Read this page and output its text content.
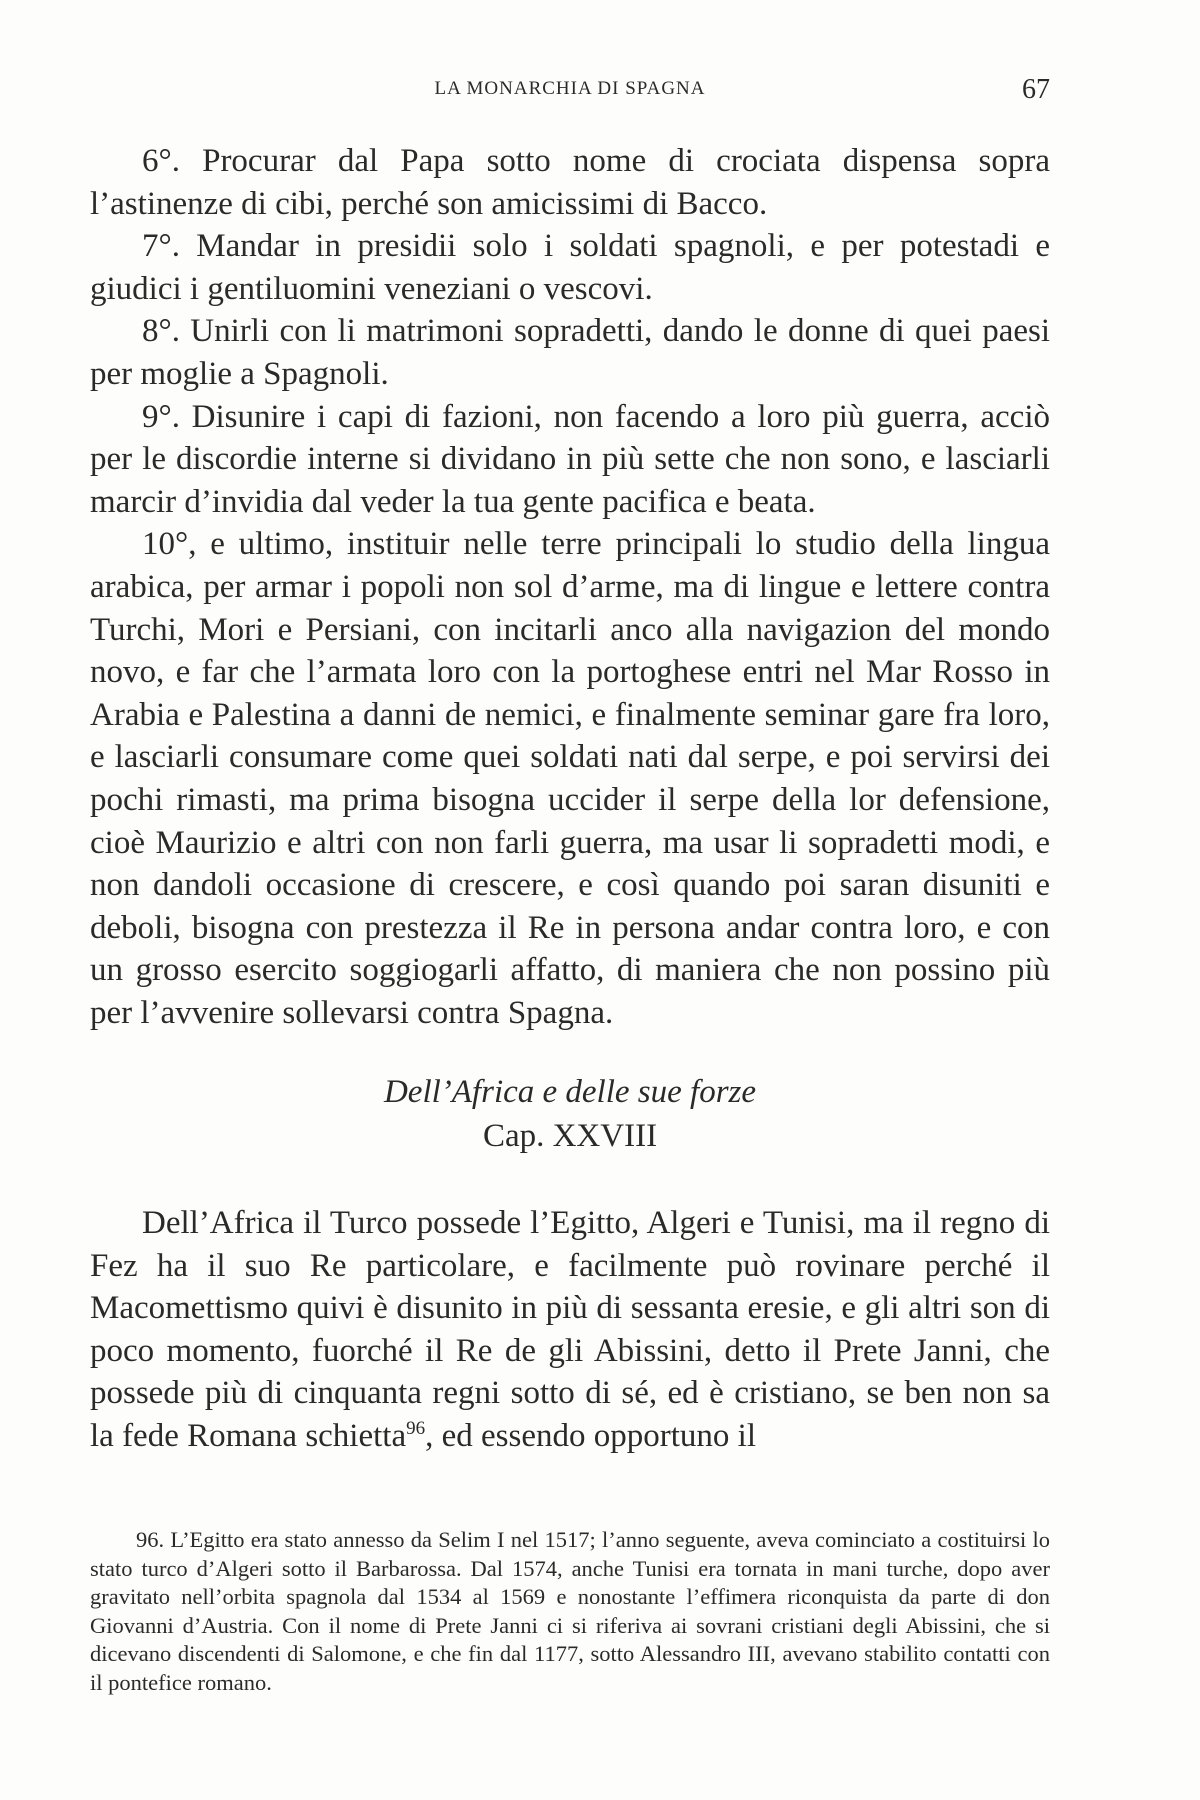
LA MONARCHIA DI SPAGNA	67

6°. Procurar dal Papa sotto nome di crociata dispensa sopra l’astinenze di cibi, perché son amicissimi di Bacco.

7°. Mandar in presidii solo i soldati spagnoli, e per potestadi e giudici i gentiluomini veneziani o vescovi.

8°. Unirli con li matrimoni sopradetti, dando le donne di quei paesi per moglie a Spagnoli.

9°. Disunire i capi di fazioni, non facendo a loro più guerra, acciò per le discordie interne si dividano in più sette che non sono, e lasciarli marcir d’invidia dal veder la tua gente pacifica e beata.

10°, e ultimo, instituir nelle terre principali lo studio della lingua arabica, per armar i popoli non sol d’arme, ma di lingue e lettere contra Turchi, Mori e Persiani, con incitarli anco alla navigazion del mondo novo, e far che l’armata loro con la portoghese entri nel Mar Rosso in Arabia e Palestina a danni de nemici, e finalmente seminar gare fra loro, e lasciarli consumare come quei soldati nati dal serpe, e poi servirsi dei pochi rimasti, ma prima bisogna uccider il serpe della lor defensione, cioè Maurizio e altri con non farli guerra, ma usar li sopradetti modi, e non dandoli occasione di crescere, e così quando poi saran disuniti e deboli, bisogna con prestezza il Re in persona andar contra loro, e con un grosso esercito soggiogarli affatto, di maniera che non possino più per l’avvenire sollevarsi contra Spagna.

Dell’Africa e delle sue forze
Cap. XXVIII

Dell’Africa il Turco possede l’Egitto, Algeri e Tunisi, ma il regno di Fez ha il suo Re particolare, e facilmente può rovinare perché il Macomettismo quivi è disunito in più di sessanta eresie, e gli altri son di poco momento, fuorché il Re de gli Abissini, detto il Prete Janni, che possede più di cinquanta regni sotto di sé, ed è cristiano, se ben non sa la fede Romana schietta$^{96}$, ed essendo opportuno il

96. L’Egitto era stato annesso da Selim I nel 1517; l’anno seguente, aveva cominciato a costituirsi lo stato turco d’Algeri sotto il Barbarossa. Dal 1574, anche Tunisi era tornata in mani turche, dopo aver gravitato nell’orbita spagnola dal 1534 al 1569 e nonostante l’effimera riconquista da parte di don Giovanni d’Austria. Con il nome di Prete Janni ci si riferiva ai sovrani cristiani degli Abissini, che si dicevano discendenti di Salomone, e che fin dal 1177, sotto Alessandro III, avevano stabilito contatti con il pontefice romano.
